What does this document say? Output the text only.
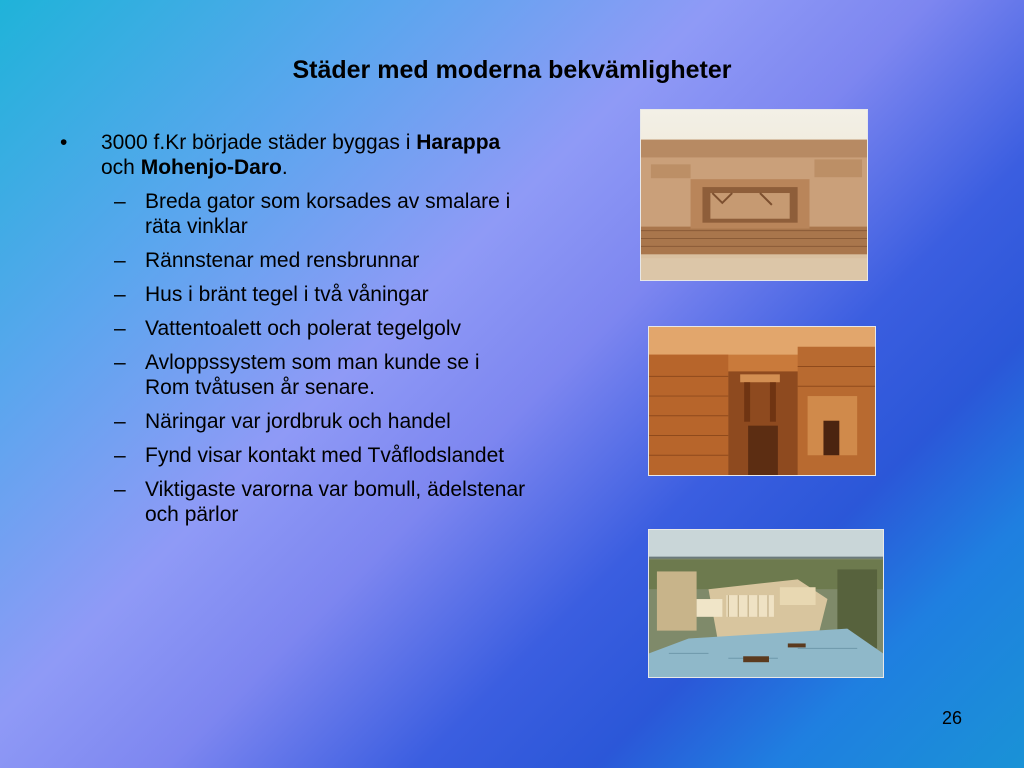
Städer med moderna bekvämligheter
• 3000 f.Kr började städer byggas i Harappa och Mohenjo-Daro.
– Breda gator som korsades av smalare i räta vinklar
– Rännstenar med rensbrunnar
– Hus i bränt tegel i två våningar
– Vattentoalett och polerat tegelgolv
– Avloppssystem som man kunde se i Rom tvåtusen år senare.
– Näringar var jordbruk och handel
– Fynd visar kontakt med Tvåflodslandet
– Viktigaste varorna var bomull, ädelstenar och pärlor
26
